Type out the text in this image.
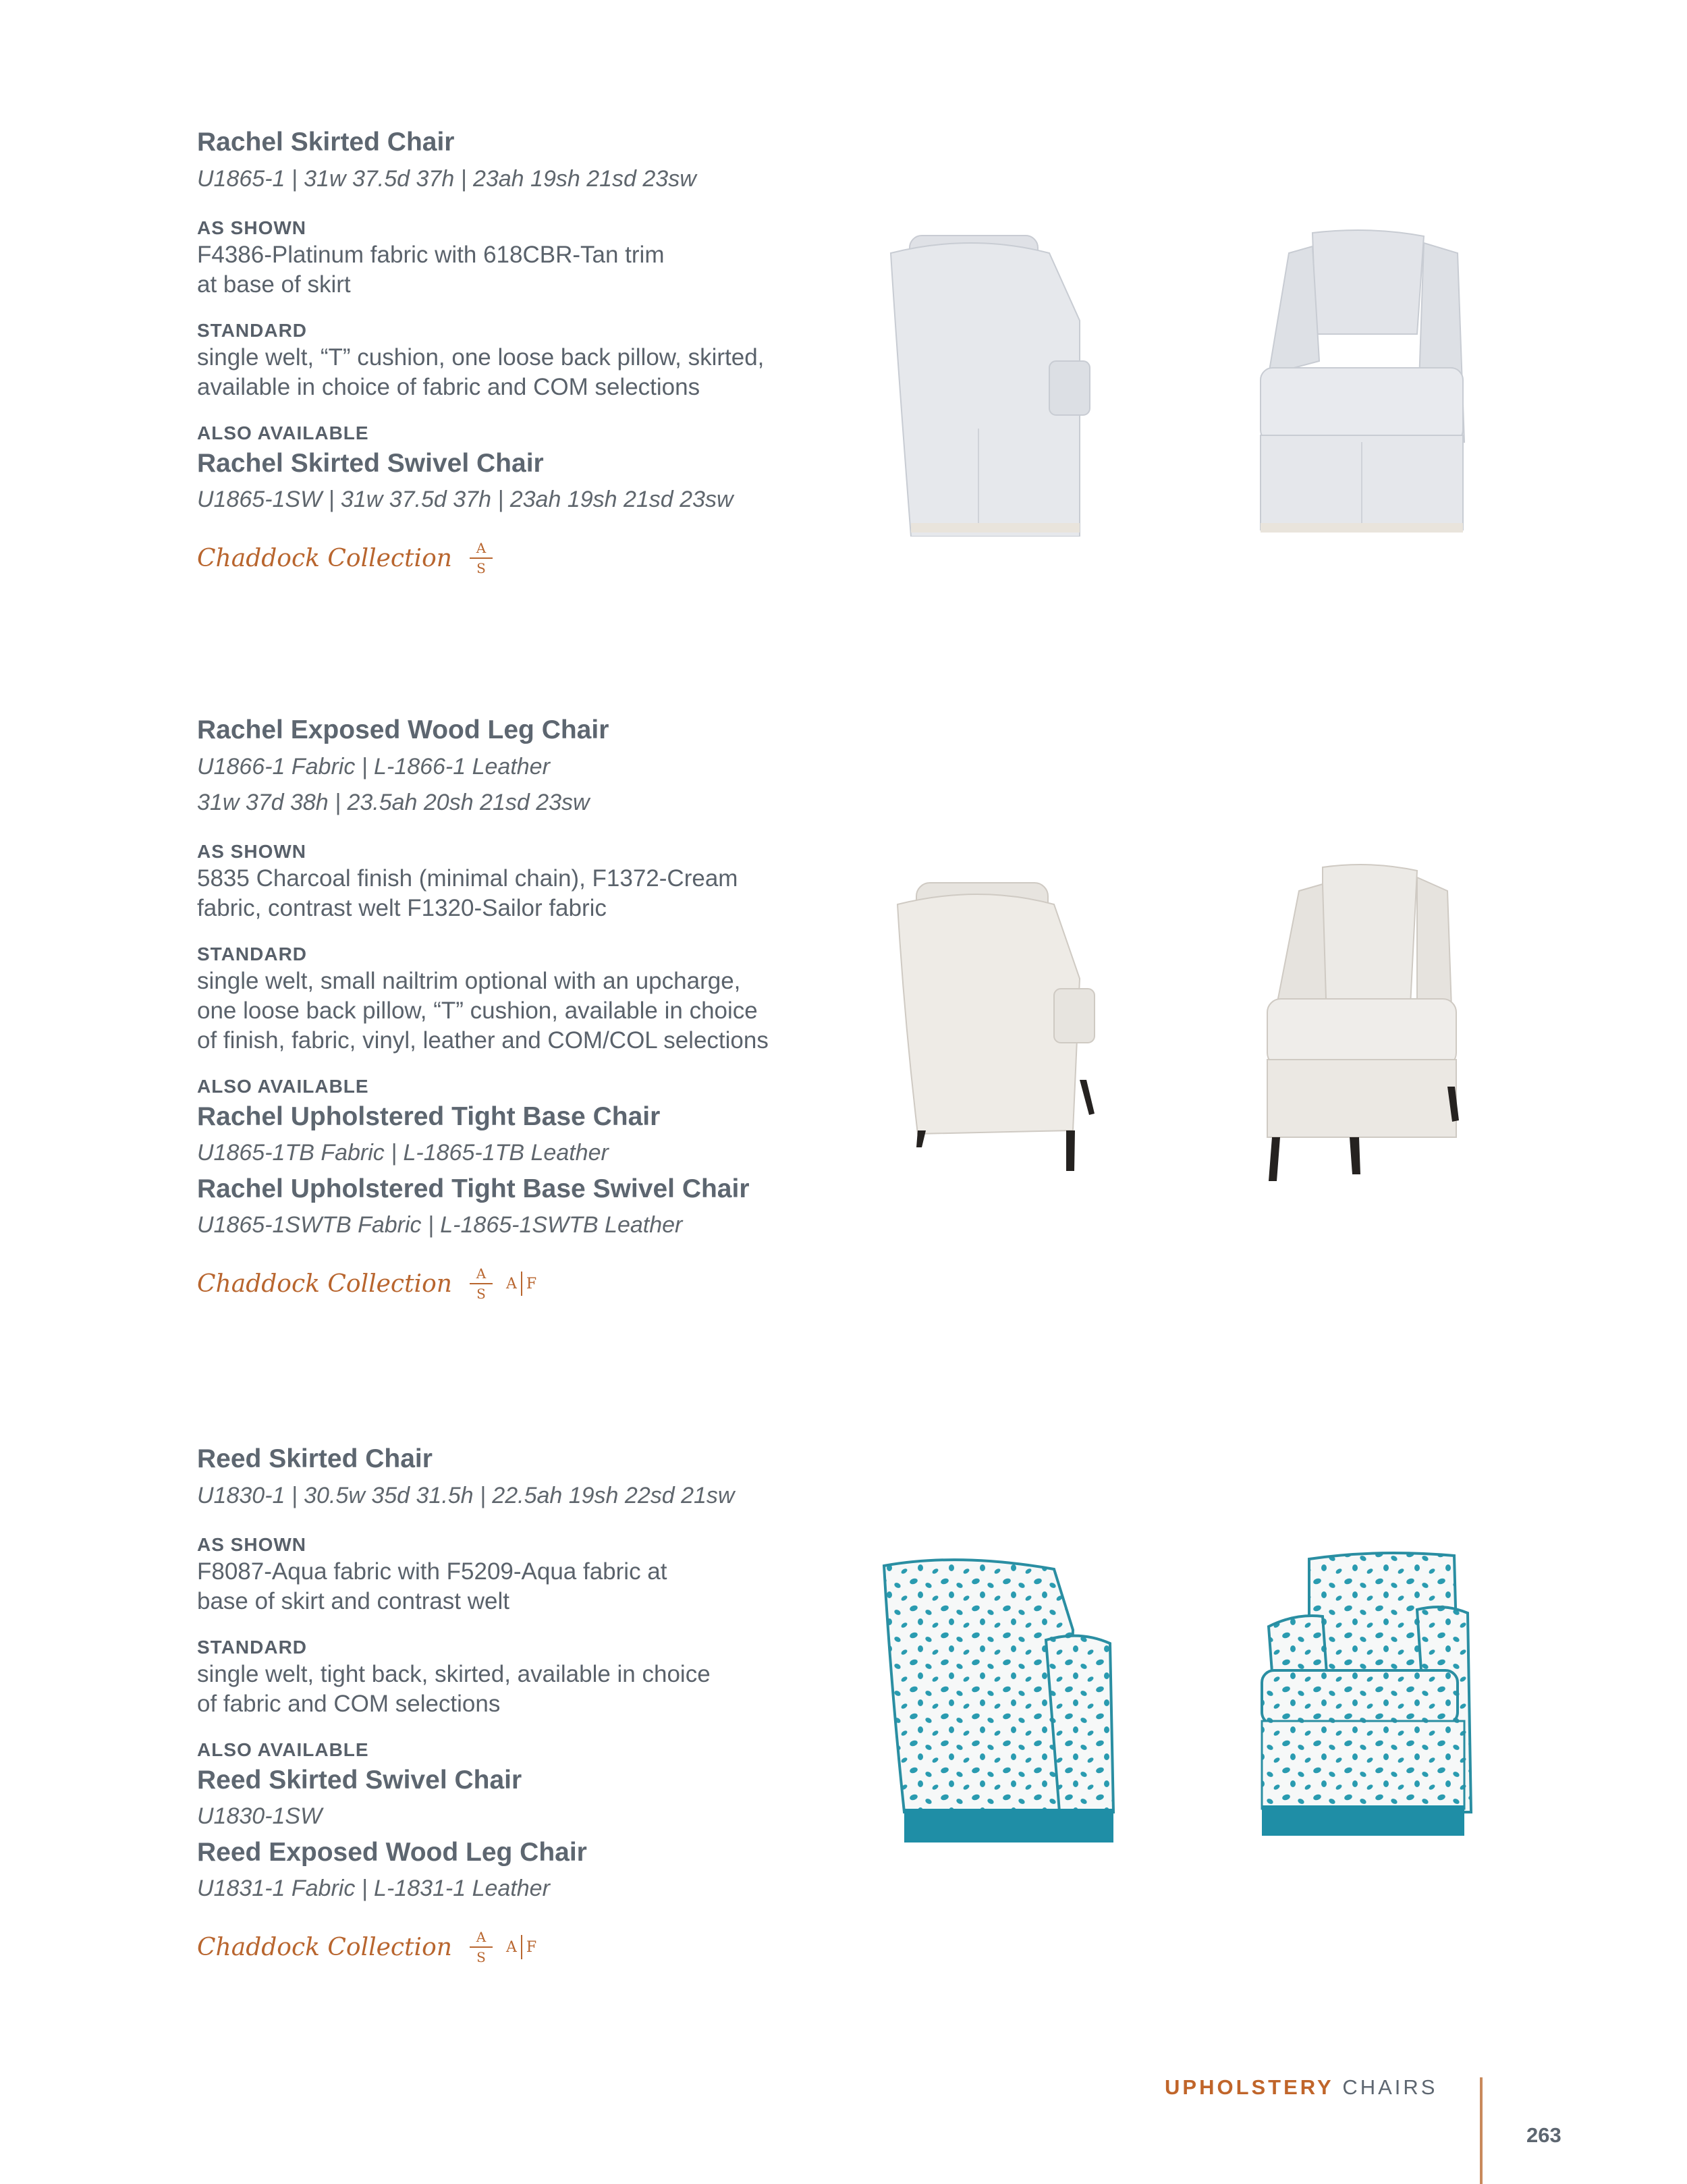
Rachel Skirted Chair
U1865-1 | 31w 37.5d 37h | 23ah 19sh 21sd 23sw
AS SHOWN
F4386-Platinum fabric with 618CBR-Tan trim
at base of skirt
STANDARD
single welt, “T” cushion, one loose back pillow, skirted,
available in choice of fabric and COM selections
ALSO AVAILABLE
Rachel Skirted Swivel Chair
U1865-1SW | 31w 37.5d 37h | 23ah 19sh 21sd 23sw
Chaddock Collection A
S
Rachel Exposed Wood Leg Chair
U1866-1 Fabric | L-1866-1 Leather
31w 37d 38h | 23.5ah 20sh 21sd 23sw
AS SHOWN
5835 Charcoal finish (minimal chain), F1372-Cream
fabric, contrast welt F1320-Sailor fabric
STANDARD
single welt, small nailtrim optional with an upcharge,
one loose back pillow, “T” cushion, available in choice
of finish, fabric, vinyl, leather and COM/COL selections
ALSO AVAILABLE
Rachel Upholstered Tight Base Chair
U1865-1TB Fabric | L-1865-1TB Leather
Rachel Upholstered Tight Base Swivel Chair
U1865-1SWTB Fabric | L-1865-1SWTB Leather
Chaddock Collection A
S
A F
Reed Skirted Chair
U1830-1 | 30.5w 35d 31.5h | 22.5ah 19sh 22sd 21sw
AS SHOWN
F8087-Aqua fabric with F5209-Aqua fabric at
base of skirt and contrast welt
STANDARD
single welt, tight back, skirted, available in choice
of fabric and COM selections
ALSO AVAILABLE
Reed Skirted Swivel Chair
U1830-1SW
Reed Exposed Wood Leg Chair
U1831-1 Fabric | L-1831-1 Leather
Chaddock Collection A
S
A F
UPHOLSTERY CHAIRS
263
